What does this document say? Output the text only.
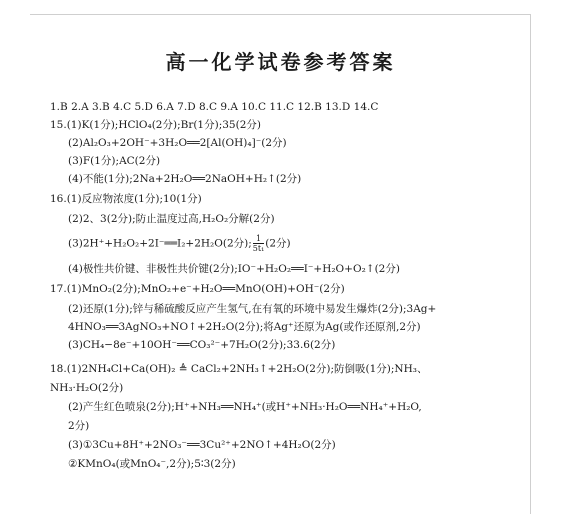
高一化学试卷参考答案
1.B 2.A 3.B 4.C 5.D 6.A 7.D 8.C 9.A 10.C 11.C 12.B 13.D 14.C
15.(1)K(1分);HClO₄(2分);Br(1分);35(2分)
(2)Al₂O₃+2OH⁻+3H₂O══2[Al(OH)₄]⁻(2分)
(3)F(1分);AC(2分)
(4)不能(1分);2Na+2H₂O══2NaOH+H₂↑(2分)
16.(1)反应物浓度(1分);10(1分)
(2)2、3(2分);防止温度过高,H₂O₂分解(2分)
(3)2H⁺+H₂O₂+2I⁻══I₂+2H₂O(2分); $\frac{1}{\text{5t₁}} (2$分)
(4)极性共价键、非极性共价键(2分);IO⁻+H₂O₂══I⁻+H₂O+O₂↑(2分)
17.(1)MnO₂(2分);MnO₂+e⁻+H₂O══MnO(OH)+OH⁻(2分)
(2)还原(1分);锌与稀硫酸反应产生氢气,在有氧的环境中易发生爆炸(2分);3Ag+
4HNO₃══3AgNO₃+NO↑+2H₂O(2分);将Ag⁺还原为Ag(或作还原剂,2分)
(3)CH₄−8e⁻+10OH⁻══CO₃²⁻+7H₂O(2分);33.6(2分)
18.(1)2NH₄Cl+Ca(OH)₂ ≜ CaCl₂+2NH₃↑+2H₂O(2分);防倒吸(1分);NH₃、
NH₃·H₂O(2分)
(2)产生红色喷泉(2分);H⁺+NH₃══NH₄⁺(或H⁺+NH₃·H₂O══NH₄⁺+H₂O,
2分)
(3)①3Cu+8H⁺+2NO₃⁻══3Cu²⁺+2NO↑+4H₂O(2分)
②KMnO₄(或MnO₄⁻,2分);5∶3(2分)
